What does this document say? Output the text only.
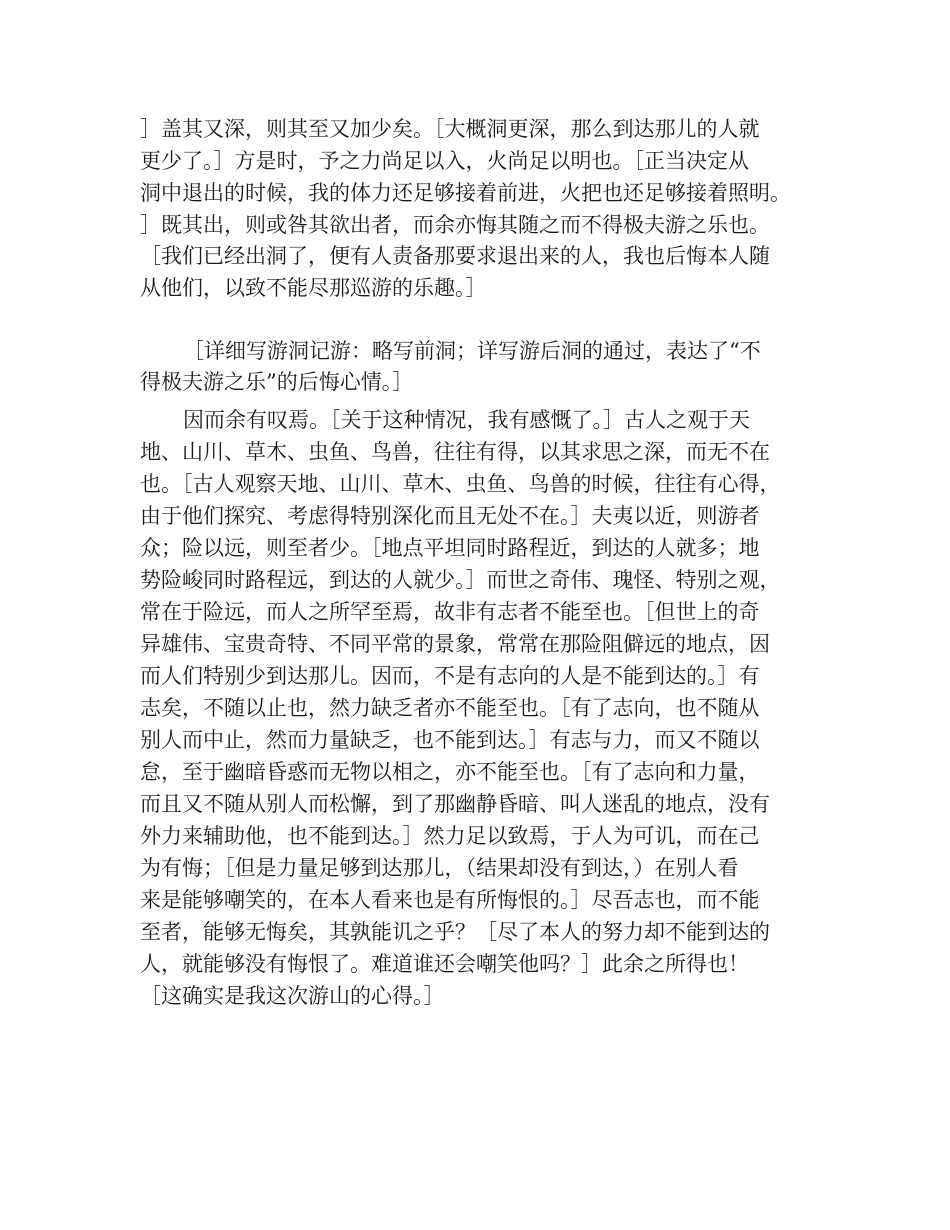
］盖其又深，则其至又加少矣。［大概洞更深，那么到达那儿的人就

更少了。］方是时，予之力尚足以入，火尚足以明也。［正当决定从

洞中退出的时候，我的体力还足够接着前进，火把也还足够接着照明。

］既其出，则或咎其欲出者，而余亦悔其随之而不得极夫游之乐也。

［我们已经出洞了，便有人责备那要求退出来的人，我也后悔本人随

从他们，以致不能尽那巡游的乐趣。］

［详细写游洞记游：略写前洞；详写游后洞的通过，表达了“不

得极夫游之乐”的后悔心情。］

因而余有叹焉。［关于这种情况，我有感慨了。］古人之观于天

地、山川、草木、虫鱼、鸟兽，往往有得，以其求思之深，而无不在

也。［古人观察天地、山川、草木、虫鱼、鸟兽的时候，往往有心得，

由于他们探究、考虑得特别深化而且无处不在。］夫夷以近，则游者

众；险以远，则至者少。［地点平坦同时路程近，到达的人就多；地

势险峻同时路程远，到达的人就少。］而世之奇伟、瑰怪、特别之观，

常在于险远，而人之所罕至焉，故非有志者不能至也。［但世上的奇

异雄伟、宝贵奇特、不同平常的景象，常常在那险阻僻远的地点，因

而人们特别少到达那儿。因而，不是有志向的人是不能到达的。］有

志矣，不随以止也，然力缺乏者亦不能至也。［有了志向，也不随从

别人而中止，然而力量缺乏，也不能到达。］有志与力，而又不随以

怠，至于幽暗昏惑而无物以相之，亦不能至也。［有了志向和力量，

而且又不随从别人而松懈，到了那幽静昏暗、叫人迷乱的地点，没有

外力来辅助他，也不能到达。］然力足以致焉，于人为可讥，而在己

为有悔；［但是力量足够到达那儿，（结果却没有到达，）在别人看

来是能够嘲笑的，在本人看来也是有所悔恨的。］尽吾志也，而不能

至者，能够无悔矣，其孰能讥之乎？［尽了本人的努力却不能到达的

人，就能够没有悔恨了。难道谁还会嘲笑他吗？］此余之所得也！

［这确实是我这次游山的心得。］
